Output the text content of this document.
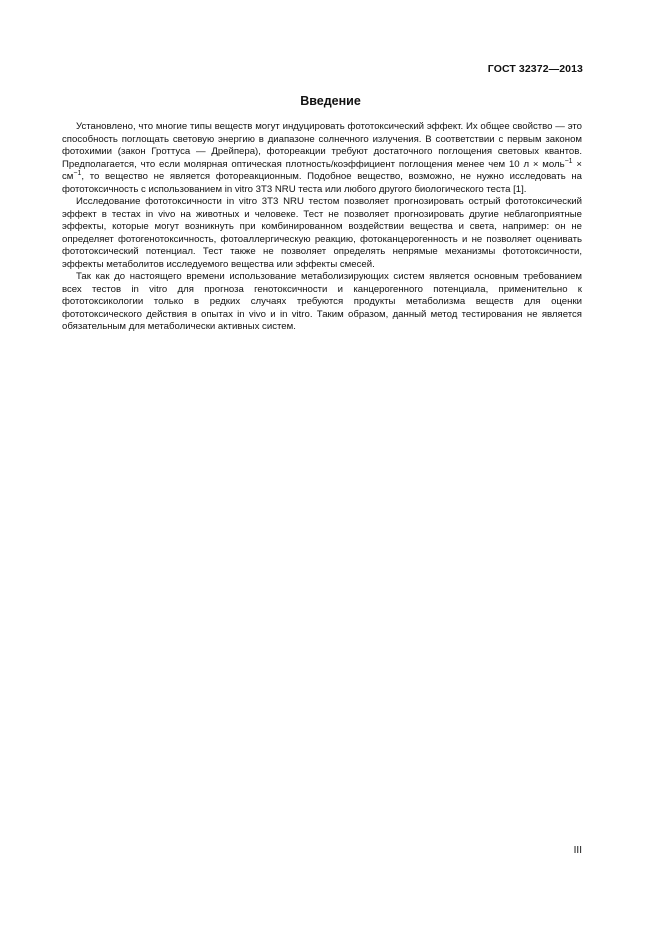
ГОСТ 32372—2013
Введение

Установлено, что многие типы веществ могут индуцировать фототоксический эффект. Их общее свойство — это способность поглощать световую энергию в диапазоне солнечного излучения. В соответствии с первым законом фотохимии (закон Гроттуса — Дрейпера), фотореакции требуют достаточного поглощения световых квантов. Предполагается, что если молярная оптическая плотность/коэффициент поглощения менее чем 10 л × моль$^{-1}$ × $см^{-1}$, то вещество не является фотореакционным. Подобное вещество, возможно, не нужно исследовать на фототоксичность с использованием in vitro 3T3 NRU теста или любого другого биологического теста [1].

Исследование фототоксичности in vitro 3T3 NRU тестом позволяет прогнозировать острый фототоксический эффект в тестах in vivo на животных и человеке. Тест не позволяет прогнозировать другие неблагоприятные эффекты, которые могут возникнуть при комбинированном воздействии вещества и света, например: он не определяет фотогенотоксичность, фотоаллергическую реакцию, фотоканцерогенность и не позволяет оценивать фототоксический потенциал. Тест также не позволяет определять непрямые механизмы фототоксичности, эффекты метаболитов исследуемого вещества или эффекты смесей.

Так как до настоящего времени использование метаболизирующих систем является основным требованием всех тестов in vitro для прогноза генотоксичности и канцерогенного потенциала, применительно к фототоксикологии только в редких случаях требуются продукты метаболизма веществ для оценки фототоксического действия в опытах in vivo и in vitro. Таким образом, данный метод тестирования не является обязательным для метаболически активных систем.

III
